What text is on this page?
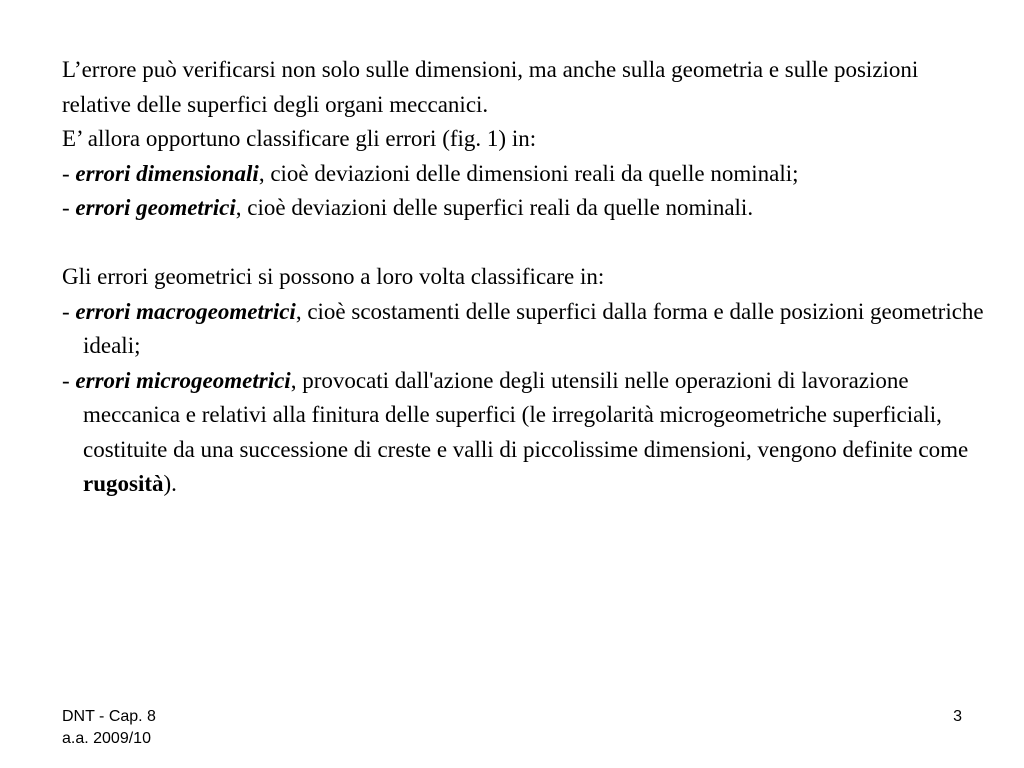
L’errore può verificarsi non solo sulle dimensioni, ma anche sulla geometria e sulle posizioni relative delle superfici degli organi meccanici.

E’ allora opportuno classificare gli errori (fig. 1) in:

- errori dimensionali, cioè deviazioni delle dimensioni reali da quelle nominali;

- errori geometrici, cioè deviazioni delle superfici reali da quelle nominali.

Gli errori geometrici si possono a loro volta classificare in:

- errori macrogeometrici, cioè scostamenti delle superfici dalla forma e dalle posizioni geometriche ideali;

- errori microgeometrici, provocati dall'azione degli utensili nelle operazioni di lavorazione meccanica e relativi alla finitura delle superfici (le irregolarità microgeometriche superficiali, costituite da una successione di creste e valli di piccolissime dimensioni, vengono definite come rugosità).

DNT - Cap. 8
a.a. 2009/10
3
